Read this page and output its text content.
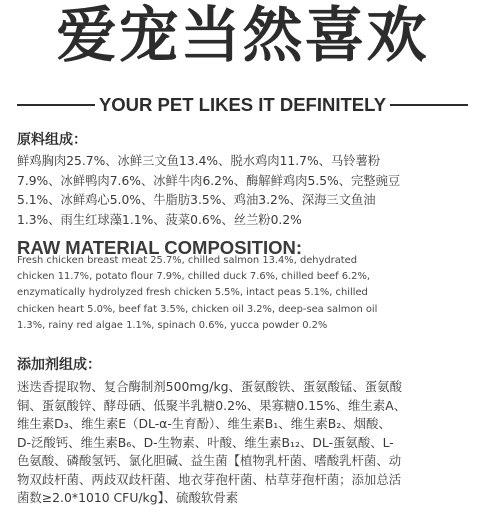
爱宠当然喜欢
YOUR PET LIKES IT DEFINITELY
原料组成：
鲜鸡胸肉25.7%、冰鲜三文鱼13.4%、脱水鸡肉11.7%、马铃薯粉
7.9%、冰鲜鸭肉7.6%、冰鲜牛肉6.2%、酶解鲜鸡肉5.5%、完整豌豆
5.1%、冰鲜鸡心5.0%、牛脂肪3.5%、鸡油3.2%、深海三文鱼油
1.3%、雨生红球藻1.1%、菠菜0.6%、丝兰粉0.2%
RAW MATERIAL COMPOSITION:
Fresh chicken breast meat 25.7%, chilled salmon 13.4%, dehydrated
chicken 11.7%, potato flour 7.9%, chilled duck 7.6%, chilled beef 6.2%,
enzymatically hydrolyzed fresh chicken 5.5%, intact peas 5.1%, chilled
chicken heart 5.0%, beef fat 3.5%, chicken oil 3.2%, deep-sea salmon oil
1.3%, rainy red algae 1.1%, spinach 0.6%, yucca powder 0.2%
添加剂组成：
迷迭香提取物、复合酶制剂500mg/kg、蛋氨酸铁、蛋氨酸锰、蛋氨酸
铜、蛋氨酸锌、酵母硒、低聚半乳糖0.2%、果寡糖0.15%、维生素A、
维生素D₃、维生素E（DL-α-生育酚）、维生素B₁、维生素B₂、烟酸、
D-泛酸钙、维生素B₆、D-生物素、叶酸、维生素B₁₂、DL-蛋氨酸、L-
色氨酸、磷酸氢钙、氯化胆碱、益生菌【植物乳杆菌、嗜酸乳杆菌、动
物双歧杆菌、两歧双歧杆菌、地衣芽孢杆菌、枯草芽孢杆菌；添加总活
菌数≥2.0*1010 CFU/kg】、硫酸软骨素
